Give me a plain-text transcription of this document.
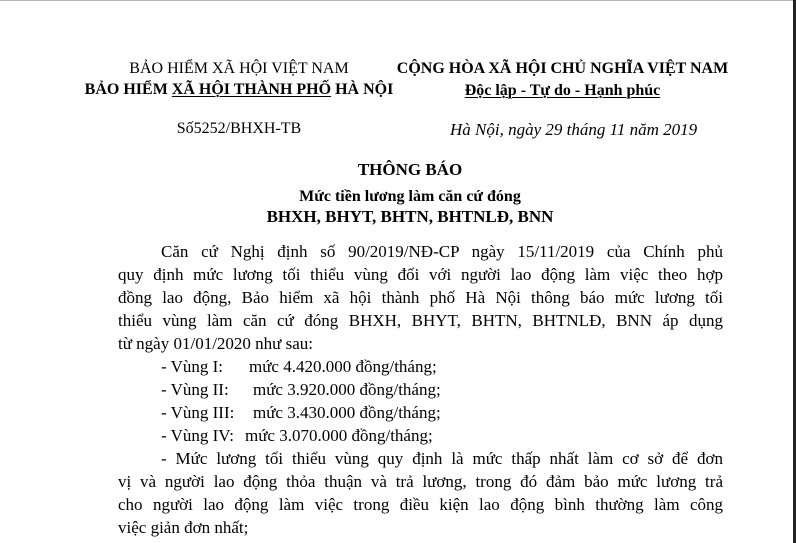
BẢO HIỂM XÃ HỘI VIỆT NAM
BẢO HIỂM XÃ HỘI THÀNH PHỐ HÀ NỘI
Số5252/BHXH-TB
CỘNG HÒA XÃ HỘI CHỦ NGHĨA VIỆT NAM
Độc lập - Tự do - Hạnh phúc
Hà Nội, ngày 29 tháng 11 năm 2019
THÔNG BÁO
Mức tiền lương làm căn cứ đóng
BHXH, BHYT, BHTN, BHTNLĐ, BNN
Căn cứ Nghị định số 90/2019/NĐ-CP ngày 15/11/2019 của Chính phủ
quy định mức lương tối thiểu vùng đối với người lao động làm việc theo hợp
đồng lao động, Bảo hiểm xã hội thành phố Hà Nội thông báo mức lương tối
thiểu vùng làm căn cứ đóng BHXH, BHYT, BHTN, BHTNLĐ, BNN áp dụng
từ ngày 01/01/2020 như sau:
- Vùng I: mức 4.420.000 đồng/tháng;
- Vùng II: mức 3.920.000 đồng/tháng;
- Vùng III: mức 3.430.000 đồng/tháng;
- Vùng IV: mức 3.070.000 đồng/tháng;
- Mức lương tối thiểu vùng quy định là mức thấp nhất làm cơ sở để đơn
vị và người lao động thỏa thuận và trả lương, trong đó đảm bảo mức lương trả
cho người lao động làm việc trong điều kiện lao động bình thường làm công
việc giản đơn nhất;
